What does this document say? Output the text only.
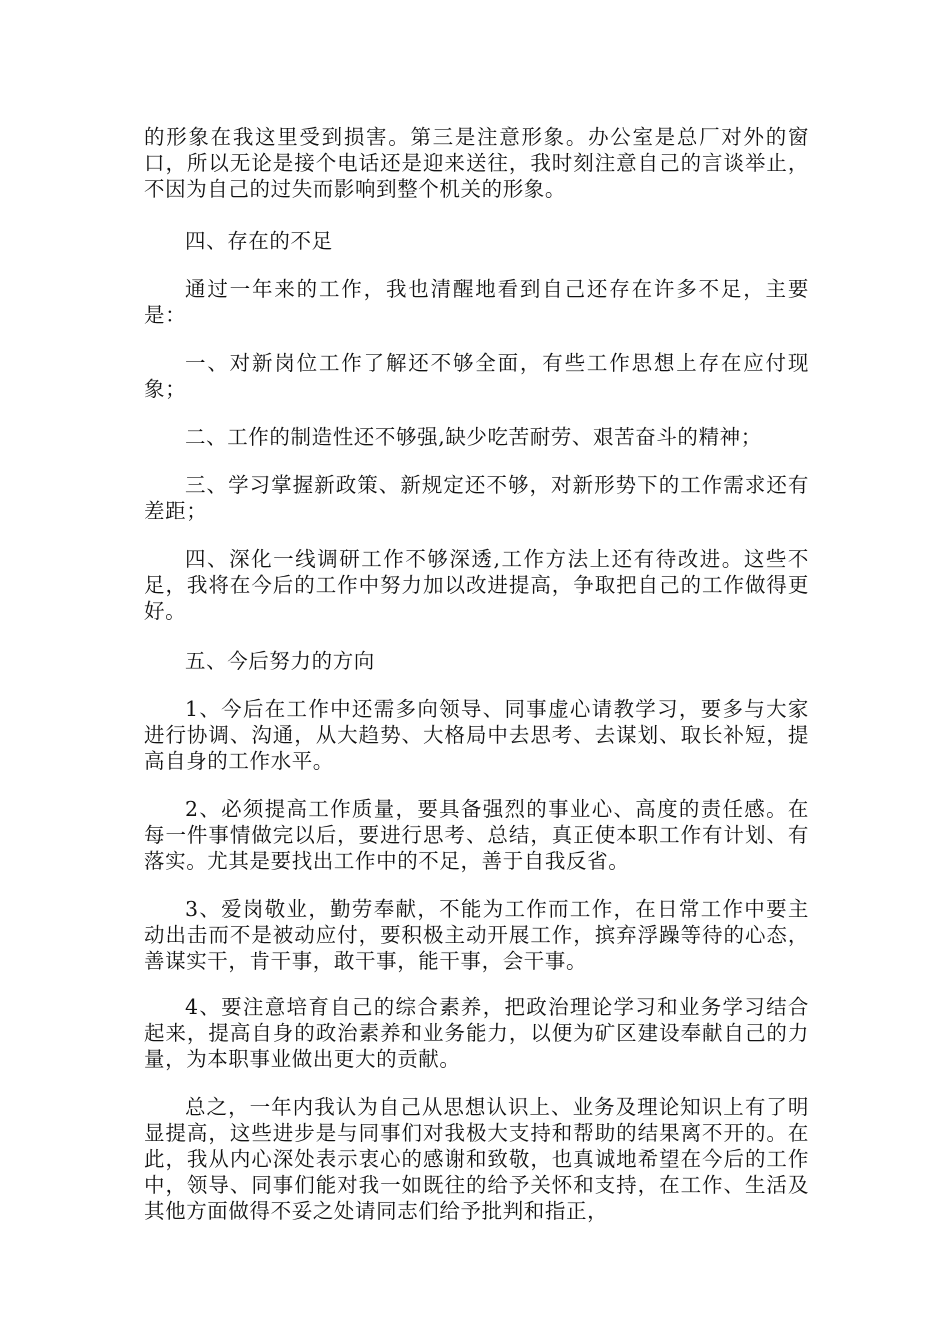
的形象在我这里受到损害。第三是注意形象。办公室是总厂对外的窗口，所以无论是接个电话还是迎来送往，我时刻注意自己的言谈举止，不因为自己的过失而影响到整个机关的形象。

四、存在的不足

通过一年来的工作，我也清醒地看到自己还存在许多不足，主要是：

一、对新岗位工作了解还不够全面，有些工作思想上存在应付现象；

二、工作的制造性还不够强,缺少吃苦耐劳、艰苦奋斗的精神；

三、学习掌握新政策、新规定还不够，对新形势下的工作需求还有差距；

四、深化一线调研工作不够深透,工作方法上还有待改进。这些不足，我将在今后的工作中努力加以改进提高，争取把自己的工作做得更好。

五、今后努力的方向

1、今后在工作中还需多向领导、同事虚心请教学习，要多与大家进行协调、沟通，从大趋势、大格局中去思考、去谋划、取长补短，提高自身的工作水平。

2、必须提高工作质量，要具备强烈的事业心、高度的责任感。在每一件事情做完以后，要进行思考、总结，真正使本职工作有计划、有落实。尤其是要找出工作中的不足，善于自我反省。

3、爱岗敬业，勤劳奉献，不能为工作而工作，在日常工作中要主动出击而不是被动应付，要积极主动开展工作，摈弃浮躁等待的心态，善谋实干，肯干事，敢干事，能干事，会干事。

4、要注意培育自己的综合素养，把政治理论学习和业务学习结合起来，提高自身的政治素养和业务能力，以便为矿区建设奉献自己的力量，为本职事业做出更大的贡献。

总之，一年内我认为自己从思想认识上、业务及理论知识上有了明显提高，这些进步是与同事们对我极大支持和帮助的结果离不开的。在此，我从内心深处表示衷心的感谢和致敬，也真诚地希望在今后的工作中，领导、同事们能对我一如既往的给予关怀和支持，在工作、生活及其他方面做得不妥之处请同志们给予批判和指正，
